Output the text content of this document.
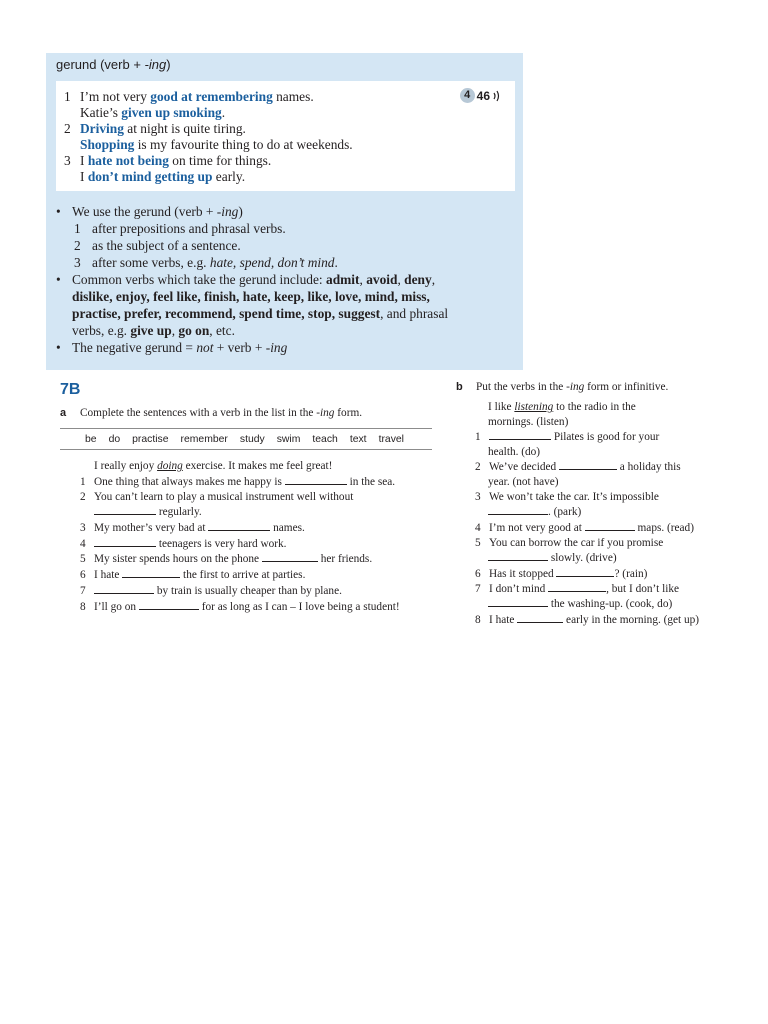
gerund (verb + -ing)
4 46
1 I’m not very good at remembering names.
Katie’s given up smoking.
2 Driving at night is quite tiring.
Shopping is my favourite thing to do at weekends.
3 I hate not being on time for things.
I don’t mind getting up early.
• We use the gerund (verb + -ing)
1 after prepositions and phrasal verbs.
2 as the subject of a sentence.
3 after some verbs, e.g. hate, spend, don’t mind.
• Common verbs which take the gerund include: admit, avoid, deny,
dislike, enjoy, feel like, finish, hate, keep, like, love, mind, miss,
practise, prefer, recommend, spend time, stop, suggest, and phrasal
verbs, e.g. give up, go on, etc.
• The negative gerund = not + verb + -ing
7B
a Complete the sentences with a verb in the list in the -ing form.
be do practise remember study swim teach text travel
I really enjoy doing exercise. It makes me feel great!
1 One thing that always makes me happy is	in the sea.
2 You can’t learn to play a musical instrument well without
regularly.
3 My mother’s very bad at	names.
4	teenagers is very hard work.
5 My sister spends hours on the phone	her friends.
6 I hate	the first to arrive at parties.
7	by train is usually cheaper than by plane.
8 I’ll go on	for as long as I can – I love being a student!
b Put the verbs in the -ing form or infinitive.
I like listening to the radio in the
mornings. (listen)
1	Pilates is good for your
health. (do)
2 We’ve decided	a holiday this
year. (not have)
3 We won’t take the car. It’s impossible
. (park)
4 I’m not very good at	maps. (read)
5 You can borrow the car if you promise
slowly. (drive)
6 Has it stopped	? (rain)
7 I don’t mind	, but I don’t like
the washing-up. (cook, do)
8 I hate	early in the morning. (get up)
